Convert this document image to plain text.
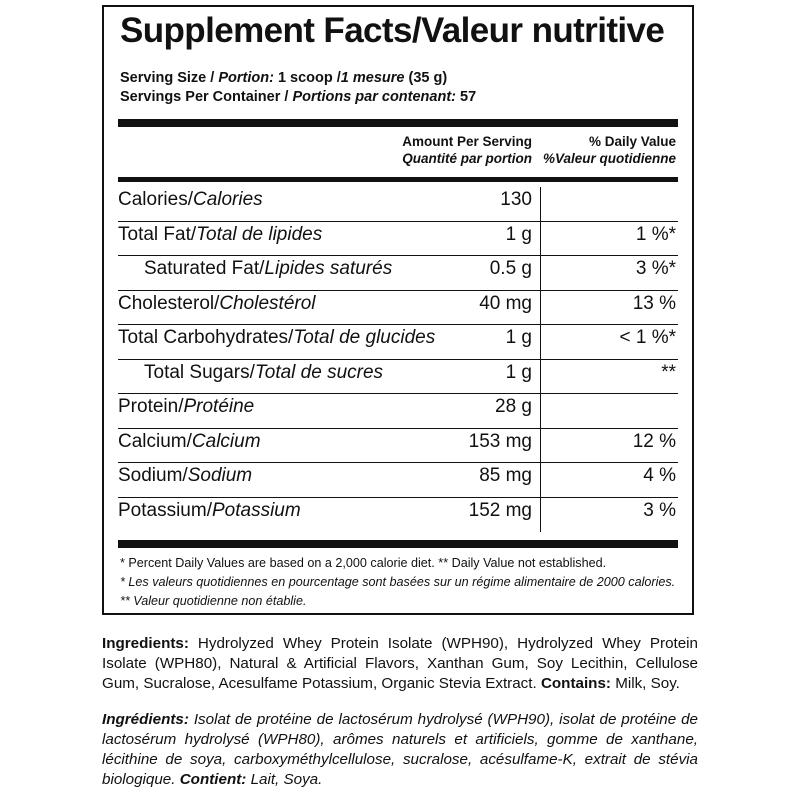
Supplement Facts/Valeur nutritive
Serving Size / Portion: 1 scoop /1 mesure (35 g)
Servings Per Container / Portions par contenant: 57
Amount Per Serving
Quantité par portion
% Daily Value
%Valeur quotidienne
Calories/Calories	130
Total Fat/Total de lipides	1 g	1 %*
Saturated Fat/Lipides saturés	0.5 g	3 %*
Cholesterol/Cholestérol	40 mg	13 %
Total Carbohydrates/Total de glucides	1 g	< 1 %*
Total Sugars/Total de sucres	1 g	**
Protein/Protéine	28 g
Calcium/Calcium	153 mg	12 %
Sodium/Sodium	85 mg	4 %
Potassium/Potassium	152 mg	3 %
* Percent Daily Values are based on a 2,000 calorie diet. ** Daily Value not established.
* Les valeurs quotidiennes en pourcentage sont basées sur un régime alimentaire de 2000 calories.
** Valeur quotidienne non établie.
Ingredients: Hydrolyzed Whey Protein Isolate (WPH90), Hydrolyzed Whey Protein Isolate (WPH80), Natural & Artificial Flavors, Xanthan Gum, Soy Lecithin, Cellulose Gum, Sucralose, Acesulfame Potassium, Organic Stevia Extract. Contains: Milk, Soy.
Ingrédients: Isolat de protéine de lactosérum hydrolysé (WPH90), isolat de protéine de lactosérum hydrolysé (WPH80), arômes naturels et artificiels, gomme de xanthane, lécithine de soya, carboxyméthylcellulose, sucralose, acésulfame-K, extrait de stévia biologique. Contient: Lait, Soya.
